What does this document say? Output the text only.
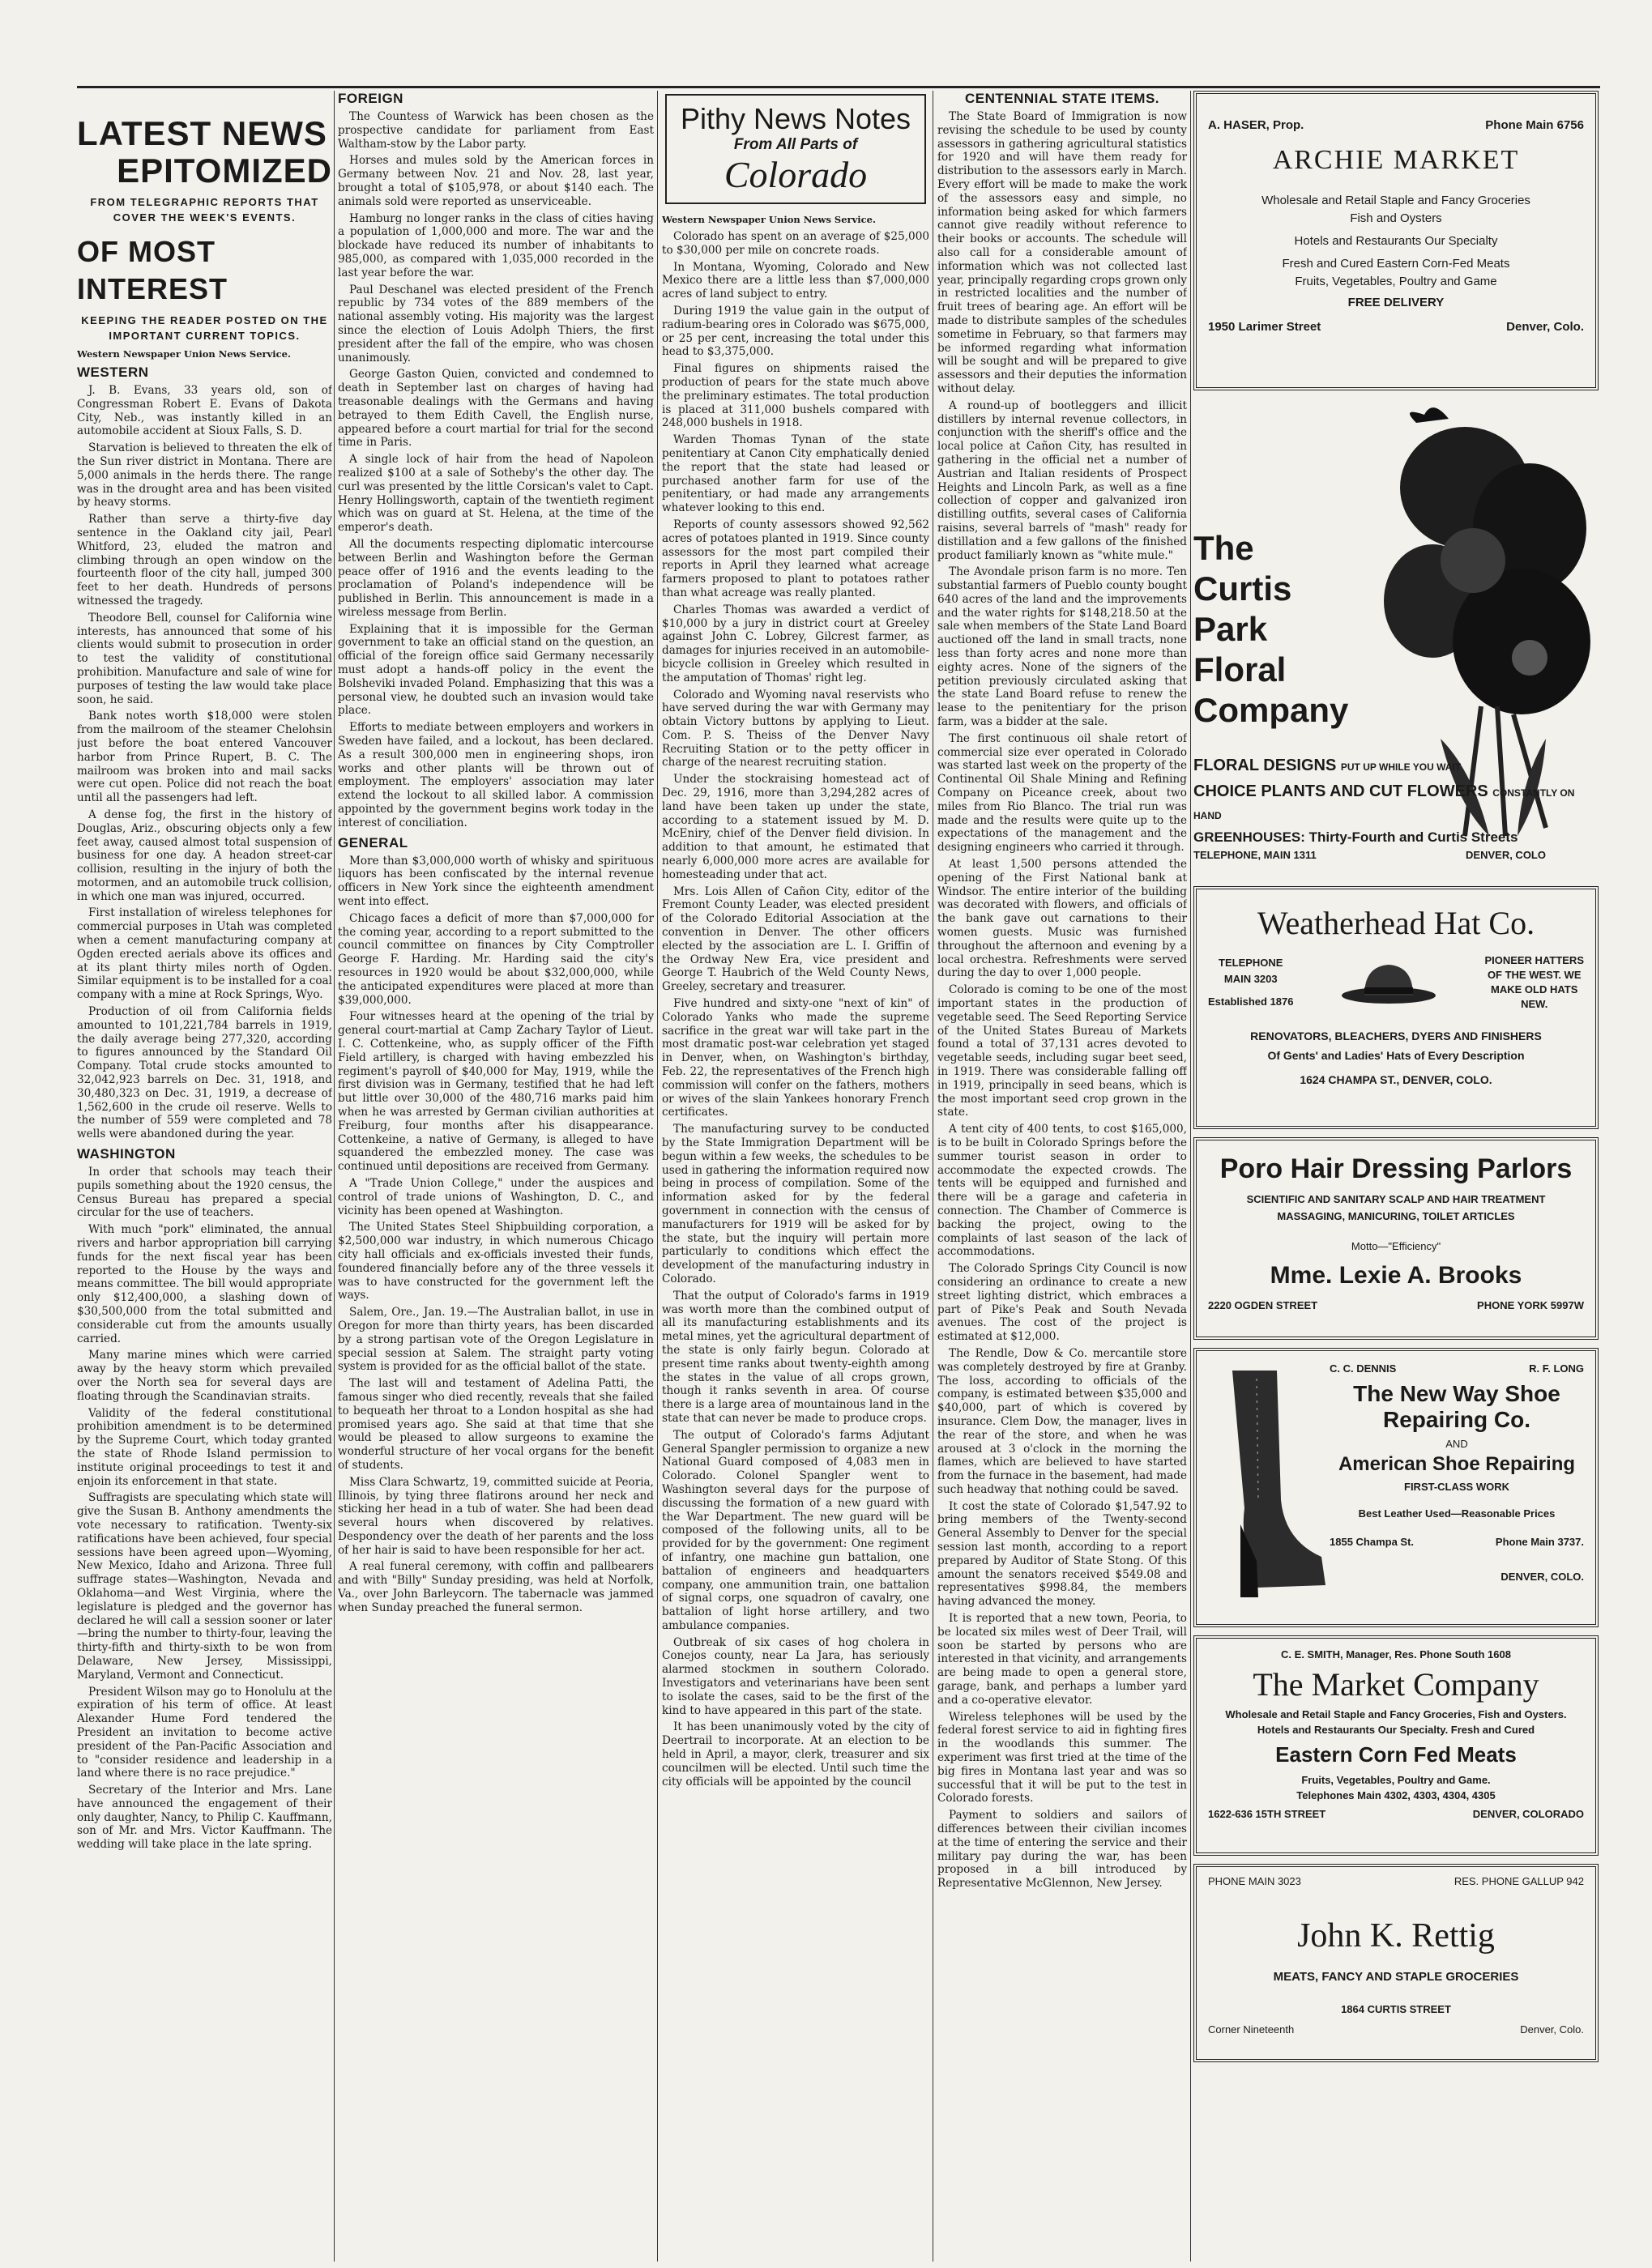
LATEST NEWS
EPITOMIZED
FROM TELEGRAPHIC REPORTS THAT COVER THE WEEK'S EVENTS.
OF MOST INTEREST
KEEPING THE READER POSTED ON THE IMPORTANT CURRENT TOPICS.
Western Newspaper Union News Service.
WESTERN

J. B. Evans, 33 years old, son of Congressman Robert E. Evans of Dakota City, Neb., was instantly killed in an automobile accident at Sioux Falls, S. D.

Starvation is believed to threaten the elk of the Sun river district in Montana. There are 5,000 animals in the herds there. The range was in the drought area and has been visited by heavy storms.

Rather than serve a thirty-five day sentence in the Oakland city jail, Pearl Whitford, 23, eluded the matron and climbing through an open window on the fourteenth floor of the city hall, jumped 300 feet to her death. Hundreds of persons witnessed the tragedy.

Theodore Bell, counsel for California wine interests, has announced that some of his clients would submit to prosecution in order to test the validity of constitutional prohibition. Manufacture and sale of wine for purposes of testing the law would take place soon, he said.

Bank notes worth $18,000 were stolen from the mailroom of the steamer Chelohsin just before the boat entered Vancouver harbor from Prince Rupert, B. C. The mailroom was broken into and mail sacks were cut open. Police did not reach the boat until all the passengers had left.

A dense fog, the first in the history of Douglas, Ariz., obscuring objects only a few feet away, caused almost total suspension of business for one day. A headon street-car collision, resulting in the injury of both the motormen, and an automobile truck collision, in which one man was injured, occurred.

First installation of wireless telephones for commercial purposes in Utah was completed when a cement manufacturing company at Ogden erected aerials above its offices and at its plant thirty miles north of Ogden. Similar equipment is to be installed for a coal company with a mine at Rock Springs, Wyo.

Production of oil from California fields amounted to 101,221,784 barrels in 1919, the daily average being 277,320, according to figures announced by the Standard Oil Company. Total crude stocks amounted to 32,042,923 barrels on Dec. 31, 1918, and 30,480,323 on Dec. 31, 1919, a decrease of 1,562,600 in the crude oil reserve. Wells to the number of 559 were completed and 78 wells were abandoned during the year.

WASHINGTON

In order that schools may teach their pupils something about the 1920 census, the Census Bureau has prepared a special circular for the use of teachers.

With much "pork" eliminated, the annual rivers and harbor appropriation bill carrying funds for the next fiscal year has been reported to the House by the ways and means committee. The bill would appropriate only $12,400,000, a slashing down of $30,500,000 from the total submitted and considerable cut from the amounts usually carried.

Many marine mines which were carried away by the heavy storm which prevailed over the North sea for several days are floating through the Scandinavian straits.

Validity of the federal constitutional prohibition amendment is to be determined by the Supreme Court, which today granted the state of Rhode Island permission to institute original proceedings to test it and enjoin its enforcement in that state.

Suffragists are speculating which state will give the Susan B. Anthony amendments the vote necessary to ratification. Twenty-six ratifications have been achieved, four special sessions have been agreed upon—Wyoming, New Mexico, Idaho and Arizona. Three full suffrage states—Washington, Nevada and Oklahoma—and West Virginia, where the legislature is pledged and the governor has declared he will call a session sooner or later—bring the number to thirty-four, leaving the thirty-fifth and thirty-sixth to be won from Delaware, New Jersey, Mississippi, Maryland, Vermont and Connecticut.

President Wilson may go to Honolulu at the expiration of his term of office. At least Alexander Hume Ford tendered the President an invitation to become active president of the Pan-Pacific Association and to "consider residence and leadership in a land where there is no race prejudice."

Secretary of the Interior and Mrs. Lane have announced the engagement of their only daughter, Nancy, to Philip C. Kauffmann, son of Mr. and Mrs. Victor Kauffmann. The wedding will take place in the late spring.

FOREIGN

The Countess of Warwick has been chosen as the prospective candidate for parliament from East Waltham-stow by the Labor party.

Horses and mules sold by the American forces in Germany between Nov. 21 and Nov. 28, last year, brought a total of $105,978, or about $140 each. The animals sold were reported as unserviceable.

Hamburg no longer ranks in the class of cities having a population of 1,000,000 and more. The war and the blockade have reduced its number of inhabitants to 985,000, as compared with 1,035,000 recorded in the last year before the war.

Paul Deschanel was elected president of the French republic by 734 votes of the 889 members of the national assembly voting. His majority was the largest since the election of Louis Adolph Thiers, the first president after the fall of the empire, who was chosen unanimously.

George Gaston Quien, convicted and condemned to death in September last on charges of having had treasonable dealings with the Germans and having betrayed to them Edith Cavell, the English nurse, appeared before a court martial for trial for the second time in Paris.

A single lock of hair from the head of Napoleon realized $100 at a sale of Sotheby's the other day. The curl was presented by the little Corsican's valet to Capt. Henry Hollingsworth, captain of the twentieth regiment which was on guard at St. Helena, at the time of the emperor's death.

All the documents respecting diplomatic intercourse between Berlin and Washington before the German peace offer of 1916 and the events leading to the proclamation of Poland's independence will be published in Berlin. This announcement is made in a wireless message from Berlin.

Explaining that it is impossible for the German government to take an official stand on the question, an official of the foreign office said Germany necessarily must adopt a hands-off policy in the event the Bolsheviki invaded Poland. Emphasizing that this was a personal view, he doubted such an invasion would take place.

Efforts to mediate between employers and workers in Sweden have failed, and a lockout, has been declared. As a result 300,000 men in engineering shops, iron works and other plants will be thrown out of employment. The employers' association may later extend the lockout to all skilled labor. A commission appointed by the government begins work today in the interest of conciliation.

GENERAL

More than $3,000,000 worth of whisky and spirituous liquors has been confiscated by the internal revenue officers in New York since the eighteenth amendment went into effect.

Chicago faces a deficit of more than $7,000,000 for the coming year, according to a report submitted to the council committee on finances by City Comptroller George F. Harding. Mr. Harding said the city's resources in 1920 would be about $32,000,000, while the anticipated expenditures were placed at more than $39,000,000.

Four witnesses heard at the opening of the trial by general court-martial at Camp Zachary Taylor of Lieut. I. C. Cottenkeine, who, as supply officer of the Fifth Field artillery, is charged with having embezzled his regiment's payroll of $40,000 for May, 1919, while the first division was in Germany, testified that he had left but little over 30,000 of the 480,716 marks paid him when he was arrested by German civilian authorities at Freiburg, four months after his disappearance. Cottenkeine, a native of Germany, is alleged to have squandered the embezzled money. The case was continued until depositions are received from Germany.

A "Trade Union College," under the auspices and control of trade unions of Washington, D. C., and vicinity has been opened at Washington.

The United States Steel Shipbuilding corporation, a $2,500,000 war industry, in which numerous Chicago city hall officials and ex-officials invested their funds, foundered financially before any of the three vessels it was to have constructed for the government left the ways.

Salem, Ore., Jan. 19.—The Australian ballot, in use in Oregon for more than thirty years, has been discarded by a strong partisan vote of the Oregon Legislature in special session at Salem. The straight party voting system is provided for as the official ballot of the state.

The last will and testament of Adelina Patti, the famous singer who died recently, reveals that she failed to bequeath her throat to a London hospital as she had promised years ago. She said at that time that she would be pleased to allow surgeons to examine the wonderful structure of her vocal organs for the benefit of students.

Miss Clara Schwartz, 19, committed suicide at Peoria, Illinois, by tying three flatirons around her neck and sticking her head in a tub of water. She had been dead several hours when discovered by relatives. Despondency over the death of her parents and the loss of her hair is said to have been responsible for her act.

A real funeral ceremony, with coffin and pallbearers and with "Billy" Sunday presiding, was held at Norfolk, Va., over John Barleycorn. The tabernacle was jammed when Sunday preached the funeral sermon.

Pithy News Notes
From All Parts of
Colorado
Western Newspaper Union News Service.

Colorado has spent on an average of $25,000 to $30,000 per mile on concrete roads.

In Montana, Wyoming, Colorado and New Mexico there are a little less than $7,000,000 acres of land subject to entry.

During 1919 the value gain in the output of radium-bearing ores in Colorado was $675,000, or 25 per cent, increasing the total under this head to $3,375,000.

Final figures on shipments raised the production of pears for the state much above the preliminary estimates. The total production is placed at 311,000 bushels compared with 248,000 bushels in 1918.

Warden Thomas Tynan of the state penitentiary at Canon City emphatically denied the report that the state had leased or purchased another farm for use of the penitentiary, or had made any arrangements whatever looking to this end.

Reports of county assessors showed 92,562 acres of potatoes planted in 1919. Since county assessors for the most part compiled their reports in April they learned what acreage farmers proposed to plant to potatoes rather than what acreage was really planted.

Charles Thomas was awarded a verdict of $10,000 by a jury in district court at Greeley against John C. Lobrey, Gilcrest farmer, as damages for injuries received in an automobile-bicycle collision in Greeley which resulted in the amputation of Thomas' right leg.

Colorado and Wyoming naval reservists who have served during the war with Germany may obtain Victory buttons by applying to Lieut. Com. P. S. Theiss of the Denver Navy Recruiting Station or to the petty officer in charge of the nearest recruiting station.

Under the stockraising homestead act of Dec. 29, 1916, more than 3,294,282 acres of land have been taken up under the state, according to a statement issued by M. D. McEniry, chief of the Denver field division. In addition to that amount, he estimated that nearly 6,000,000 more acres are available for homesteading under that act.

Mrs. Lois Allen of Cañon City, editor of the Fremont County Leader, was elected president of the Colorado Editorial Association at the convention in Denver. The other officers elected by the association are L. I. Griffin of the Ordway New Era, vice president and George T. Haubrich of the Weld County News, Greeley, secretary and treasurer.

Five hundred and sixty-one "next of kin" of Colorado Yanks who made the supreme sacrifice in the great war will take part in the most dramatic post-war celebration yet staged in Denver, when, on Washington's birthday, Feb. 22, the representatives of the French high commission will confer on the fathers, mothers or wives of the slain Yankees honorary French certificates.

The manufacturing survey to be conducted by the State Immigration Department will be begun within a few weeks, the schedules to be used in gathering the information required now being in process of compilation. Some of the information asked for by the federal government in connection with the census of manufacturers for 1919 will be asked for by the state, but the inquiry will pertain more particularly to conditions which effect the development of the manufacturing industry in Colorado.

That the output of Colorado's farms in 1919 was worth more than the combined output of all its manufacturing establishments and its metal mines, yet the agricultural department of the state is only fairly begun. Colorado at present time ranks about twenty-eighth among the states in the value of all crops grown, though it ranks seventh in area. Of course there is a large area of mountainous land in the state that can never be made to produce crops.

The output of Colorado's farms Adjutant General Spangler permission to organize a new National Guard composed of 4,083 men in Colorado. Colonel Spangler went to Washington several days for the purpose of discussing the formation of a new guard with the War Department. The new guard will be composed of the following units, all to be provided for by the government: One regiment of infantry, one machine gun battalion, one battalion of engineers and headquarters company, one ammunition train, one battalion of signal corps, one squadron of cavalry, one battalion of light horse artillery, and two ambulance companies.

Outbreak of six cases of hog cholera in Conejos county, near La Jara, has seriously alarmed stockmen in southern Colorado. Investigators and veterinarians have been sent to isolate the cases, said to be the first of the kind to have appeared in this part of the state.

It has been unanimously voted by the city of Deertrail to incorporate. At an election to be held in April, a mayor, clerk, treasurer and six councilmen will be elected. Until such time the city officials will be appointed by the council

CENTENNIAL STATE ITEMS.

The State Board of Immigration is now revising the schedule to be used by county assessors in gathering agricultural statistics for 1920 and will have them ready for distribution to the assessors early in March. Every effort will be made to make the work of the assessors easy and simple, no information being asked for which farmers cannot give readily without reference to their books or accounts. The schedule will also call for a considerable amount of information which was not collected last year, principally regarding crops grown only in restricted localities and the number of fruit trees of bearing age. An effort will be made to distribute samples of the schedules sometime in February, so that farmers may be informed regarding what information will be sought and will be prepared to give assessors and their deputies the information without delay.

A round-up of bootleggers and illicit distillers by internal revenue collectors, in conjunction with the sheriff's office and the local police at Cañon City, has resulted in gathering in the official net a number of Austrian and Italian residents of Prospect Heights and Lincoln Park, as well as a fine collection of copper and galvanized iron distilling outfits, several cases of California raisins, several barrels of "mash" ready for distillation and a few gallons of the finished product familiarly known as "white mule."

The Avondale prison farm is no more. Ten substantial farmers of Pueblo county bought 640 acres of the land and the improvements and the water rights for $148,218.50 at the sale when members of the State Land Board auctioned off the land in small tracts, none less than forty acres and none more than eighty acres. None of the signers of the petition previously circulated asking that the state Land Board refuse to renew the lease to the penitentiary for the prison farm, was a bidder at the sale.

The first continuous oil shale retort of commercial size ever operated in Colorado was started last week on the property of the Continental Oil Shale Mining and Refining Company on Piceance creek, about two miles from Rio Blanco. The trial run was made and the results were quite up to the expectations of the management and the designing engineers who carried it through.

At least 1,500 persons attended the opening of the First National bank at Windsor. The entire interior of the building was decorated with flowers, and officials of the bank gave out carnations to their women guests. Music was furnished throughout the afternoon and evening by a local orchestra. Refreshments were served during the day to over 1,000 people.

Colorado is coming to be one of the most important states in the production of vegetable seed. The Seed Reporting Service of the United States Bureau of Markets found a total of 37,131 acres devoted to vegetable seeds, including sugar beet seed, in 1919. There was considerable falling off in 1919, principally in seed beans, which is the most important seed crop grown in the state.

A tent city of 400 tents, to cost $165,000, is to be built in Colorado Springs before the summer tourist season in order to accommodate the expected crowds. The tents will be equipped and furnished and there will be a garage and cafeteria in connection. The Chamber of Commerce is backing the project, owing to the complaints of last season of the lack of accommodations.

The Colorado Springs City Council is now considering an ordinance to create a new street lighting district, which embraces a part of Pike's Peak and South Nevada avenues. The cost of the project is estimated at $12,000.

The Rendle, Dow & Co. mercantile store was completely destroyed by fire at Granby. The loss, according to officials of the company, is estimated between $35,000 and $40,000, part of which is covered by insurance. Clem Dow, the manager, lives in the rear of the store, and when he was aroused at 3 o'clock in the morning the flames, which are believed to have started from the furnace in the basement, had made such headway that nothing could be saved.

It cost the state of Colorado $1,547.92 to bring members of the Twenty-second General Assembly to Denver for the special session last month, according to a report prepared by Auditor of State Stong. Of this amount the senators received $549.08 and representatives $998.84, the members having advanced the money.

It is reported that a new town, Peoria, to be located six miles west of Deer Trail, will soon be started by persons who are interested in that vicinity, and arrangements are being made to open a general store, garage, bank, and perhaps a lumber yard and a co-operative elevator.

Wireless telephones will be used by the federal forest service to aid in fighting fires in the woodlands this summer. The experiment was first tried at the time of the big fires in Montana last year and was so successful that it will be put to the test in Colorado forests.

Payment to soldiers and sailors of differences between their civilian incomes at the time of entering the service and their military pay during the war, has been proposed in a bill introduced by Representative McGlennon, New Jersey.

A. HASER, Prop.	Phone Main 6756
ARCHIE MARKET
Wholesale and Retail Staple and Fancy Groceries
Fish and Oysters
Hotels and Restaurants Our Specialty
Fresh and Cured Eastern Corn-Fed Meats
Fruits, Vegetables, Poultry and Game
FREE DELIVERY
1950 Larimer Street	Denver, Colo.
The
Curtis
Park
Floral
Company
FLORAL DESIGNS PUT UP WHILE YOU WAIT
CHOICE PLANTS AND CUT FLOWERS CONSTANTLY ON HAND
GREENHOUSES: Thirty-Fourth and Curtis Streets
TELEPHONE, MAIN 1311	DENVER, COLO
Weatherhead Hat Co.
TELEPHONE
MAIN 3203
Established 1876
PIONEER HATTERS
OF THE WEST. WE
MAKE OLD HATS
NEW.
RENOVATORS, BLEACHERS, DYERS AND FINISHERS
Of Gents' and Ladies' Hats of Every Description
1624 CHAMPA ST., DENVER, COLO.
Poro Hair Dressing Parlors
SCIENTIFIC AND SANITARY SCALP AND HAIR TREATMENT
MASSAGING, MANICURING, TOILET ARTICLES
Motto—"Efficiency"
Mme. Lexie A. Brooks
2220 OGDEN STREET	PHONE YORK 5997W
C. C. DENNIS	R. F. LONG
The New Way Shoe
Repairing Co.
AND
American Shoe Repairing
FIRST-CLASS WORK
Best Leather Used—Reasonable Prices
1855 Champa St.	Phone Main 3737.
DENVER, COLO.
C. E. SMITH, Manager, Res. Phone South 1608
The Market Company
Wholesale and Retail Staple and Fancy Groceries, Fish and Oysters.
Hotels and Restaurants Our Specialty. Fresh and Cured
Eastern Corn Fed Meats
Fruits, Vegetables, Poultry and Game.
Telephones Main 4302, 4303, 4304, 4305
1622-636 15TH STREET	DENVER, COLORADO
PHONE MAIN 3023	RES. PHONE GALLUP 942
John K. Rettig
MEATS, FANCY AND STAPLE GROCERIES
1864 CURTIS STREET
Corner Nineteenth	Denver, Colo.
